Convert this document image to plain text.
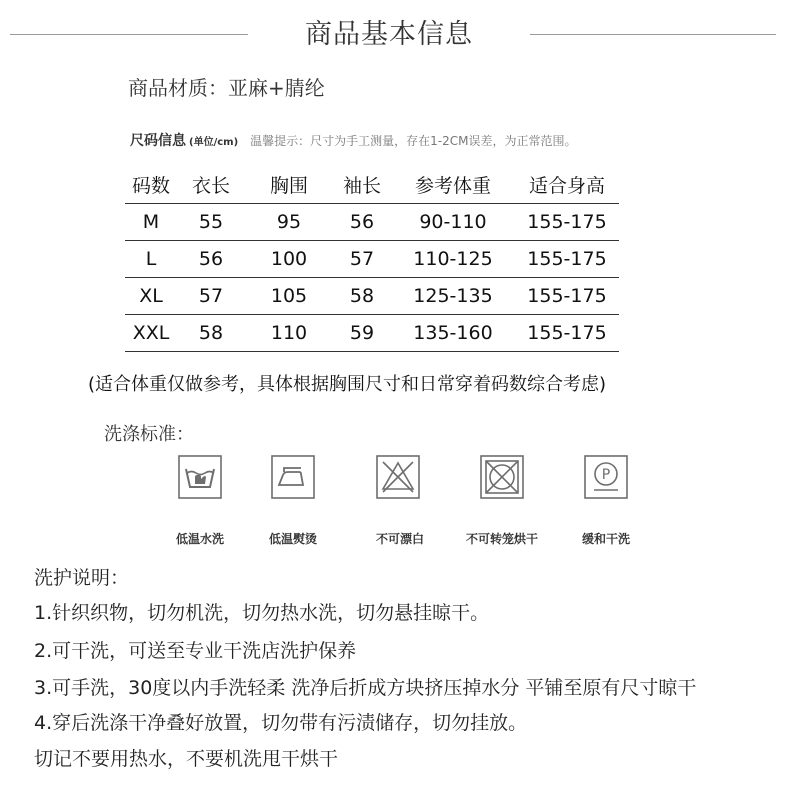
商品基本信息
商品材质：亚麻+腈纶
尺码信息 (单位/cm) 温馨提示：尺寸为手工测量，存在1-2CM误差，为正常范围。
码数	衣长	胸围	袖长	参考体重	适合身高
M	55	95	56	90-110	155-175
L	56	100	57	110-125	155-175
XL	57	105	58	125-135	155-175
XXL	58	110	59	135-160	155-175
(适合体重仅做参考，具体根据胸围尺寸和日常穿着码数综合考虑)
洗涤标准：
P
低温水洗	低温熨烫	不可漂白	不可转笼烘干	缓和干洗
洗护说明：
1.针织织物，切勿机洗，切勿热水洗，切勿悬挂晾干。
2.可干洗，可送至专业干洗店洗护保养
3.可手洗，30度以内手洗轻柔 洗净后折成方块挤压掉水分 平铺至原有尺寸晾干
4.穿后洗涤干净叠好放置，切勿带有污渍储存，切勿挂放。
切记不要用热水，不要机洗甩干烘干
